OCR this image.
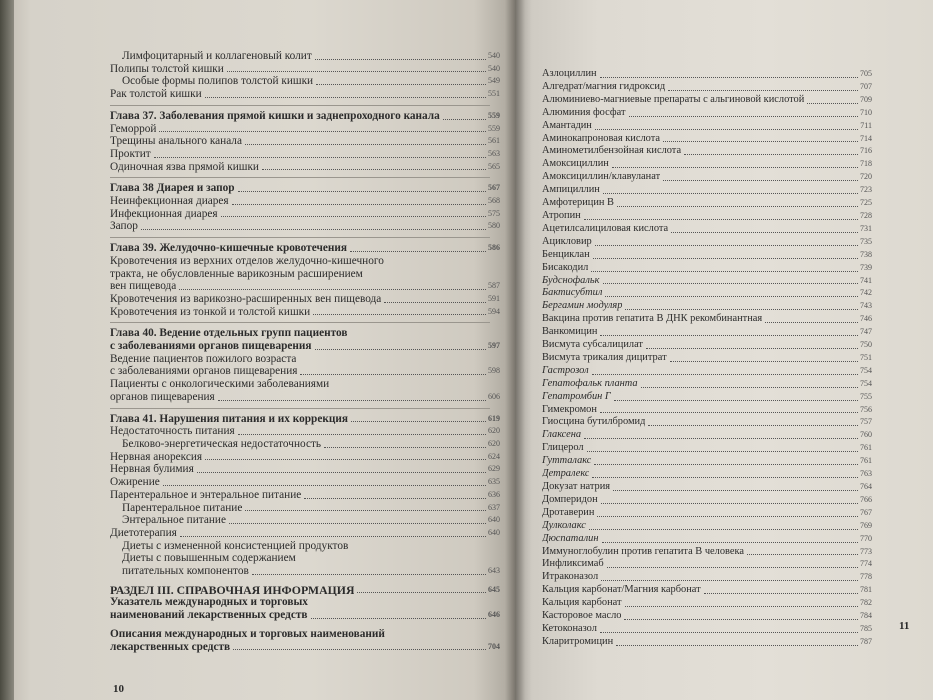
Лимфоцитарный и коллагеновый колит	540
Полипы толстой кишки	540
Особые формы полипов толстой кишки	549
Рак толстой кишки	551
Глава 37. Заболевания прямой кишки и заднепроходного канала	559
Геморрой	559
Трещины анального канала	561
Проктит	563
Одиночная язва прямой кишки	565
Глава 38 Диарея и запор	567
Неинфекционная диарея	568
Инфекционная диарея	575
Запор	580
Глава 39. Желудочно-кишечные кровотечения	586
Кровотечения из верхних отделов желудочно-кишечного
тракта, не обусловленные варикозным расширением
вен пищевода	587
Кровотечения из варикозно-расширенных вен пищевода	591
Кровотечения из тонкой и толстой кишки	594
Глава 40. Ведение отдельных групп пациентов
с заболеваниями органов пищеварения	597
Ведение пациентов пожилого возраста
с заболеваниями органов пищеварения	598
Пациенты с онкологическими заболеваниями
органов пищеварения	606
Глава 41. Нарушения питания и их коррекция	619
Недостаточность питания	620
Белково-энергетическая недостаточность	620
Нервная анорексия	624
Нервная булимия	629
Ожирение	635
Парентеральное и энтеральное питание	636
Парентеральное питание	637
Энтеральное питание	640
Диетотерапия	640
Диеты с измененной консистенцией продуктов
Диеты с повышенным содержанием
питательных компонентов	643
РАЗДЕЛ III. СПРАВОЧНАЯ ИНФОРМАЦИЯ	645
Указатель международных и торговых
наименований лекарственных средств	646
Описания международных и торговых наименований
лекарственных средств	704
Азлоциллин	705
Алгедрат/магния гидроксид	707
Алюминиево-магниевые препараты с альгиновой кислотой	709
Алюминия фосфат	710
Амантадин	711
Аминокапроновая кислота	714
Аминометилбензойная кислота	716
Амоксициллин	718
Амоксициллин/клавуланат	720
Ампициллин	723
Амфотерицин В	725
Атропин	728
Ацетилсалициловая кислота	731
Ацикловир	735
Бенциклан	738
Бисакодил	739
Будснофальк	741
Бактисубтил	742
Бергамин модуляр	743
Вакцина против гепатита В ДНК рекомбинантная	746
Ванкомицин	747
Висмута субсалицилат	750
Висмута трикалия дицитрат	751
Гастрозол	754
Гепатофальк планта	754
Гепатромбин Г	755
Гимекромон	756
Гиосцина бутилбромид	757
Глаксена	760
Глицерол	761
Гутталакс	761
Детралекс	763
Докузат натрия	764
Домперидон	766
Дротаверин	767
Дулколакс	769
Дюспаталин	770
Иммуноглобулин против гепатита В человека	773
Инфликсимаб	774
Итраконазол	778
Кальция карбонат/Магния карбонат	781
Кальция карбонат	782
Касторовое масло	784
Кетоконазол	785
Кларитромицин	787
10
11
